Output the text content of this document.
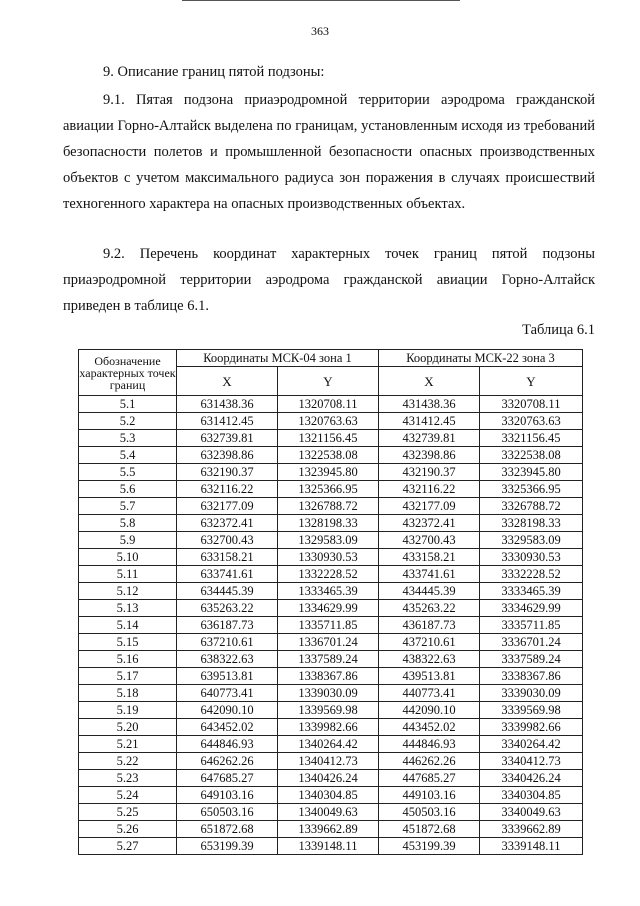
363
9. Описание границ пятой подзоны:

9.1. Пятая подзона приаэродромной территории аэродрома гражданской авиации Горно-Алтайск выделена по границам, установленным исходя из требований безопасности полетов и промышленной безопасности опасных производственных объектов с учетом максимального радиуса зон поражения в случаях происшествий техногенного характера на опасных производственных объектах.

9.2. Перечень координат характерных точек границ пятой подзоны приаэродромной территории аэродрома гражданской авиации Горно-Алтайск приведен в таблице 6.1.

Таблица 6.1
Обозначение характерных точек границ	Координаты МСК-04 зона 1		Координаты МСК-22 зона 3	
	X	Y	X	Y
5.1	631438.36	1320708.11	431438.36	3320708.11
5.2	631412.45	1320763.63	431412.45	3320763.63
5.3	632739.81	1321156.45	432739.81	3321156.45
5.4	632398.86	1322538.08	432398.86	3322538.08
5.5	632190.37	1323945.80	432190.37	3323945.80
5.6	632116.22	1325366.95	432116.22	3325366.95
5.7	632177.09	1326788.72	432177.09	3326788.72
5.8	632372.41	1328198.33	432372.41	3328198.33
5.9	632700.43	1329583.09	432700.43	3329583.09
5.10	633158.21	1330930.53	433158.21	3330930.53
5.11	633741.61	1332228.52	433741.61	3332228.52
5.12	634445.39	1333465.39	434445.39	3333465.39
5.13	635263.22	1334629.99	435263.22	3334629.99
5.14	636187.73	1335711.85	436187.73	3335711.85
5.15	637210.61	1336701.24	437210.61	3336701.24
5.16	638322.63	1337589.24	438322.63	3337589.24
5.17	639513.81	1338367.86	439513.81	3338367.86
5.18	640773.41	1339030.09	440773.41	3339030.09
5.19	642090.10	1339569.98	442090.10	3339569.98
5.20	643452.02	1339982.66	443452.02	3339982.66
5.21	644846.93	1340264.42	444846.93	3340264.42
5.22	646262.26	1340412.73	446262.26	3340412.73
5.23	647685.27	1340426.24	447685.27	3340426.24
5.24	649103.16	1340304.85	449103.16	3340304.85
5.25	650503.16	1340049.63	450503.16	3340049.63
5.26	651872.68	1339662.89	451872.68	3339662.89
5.27	653199.39	1339148.11	453199.39	3339148.11
